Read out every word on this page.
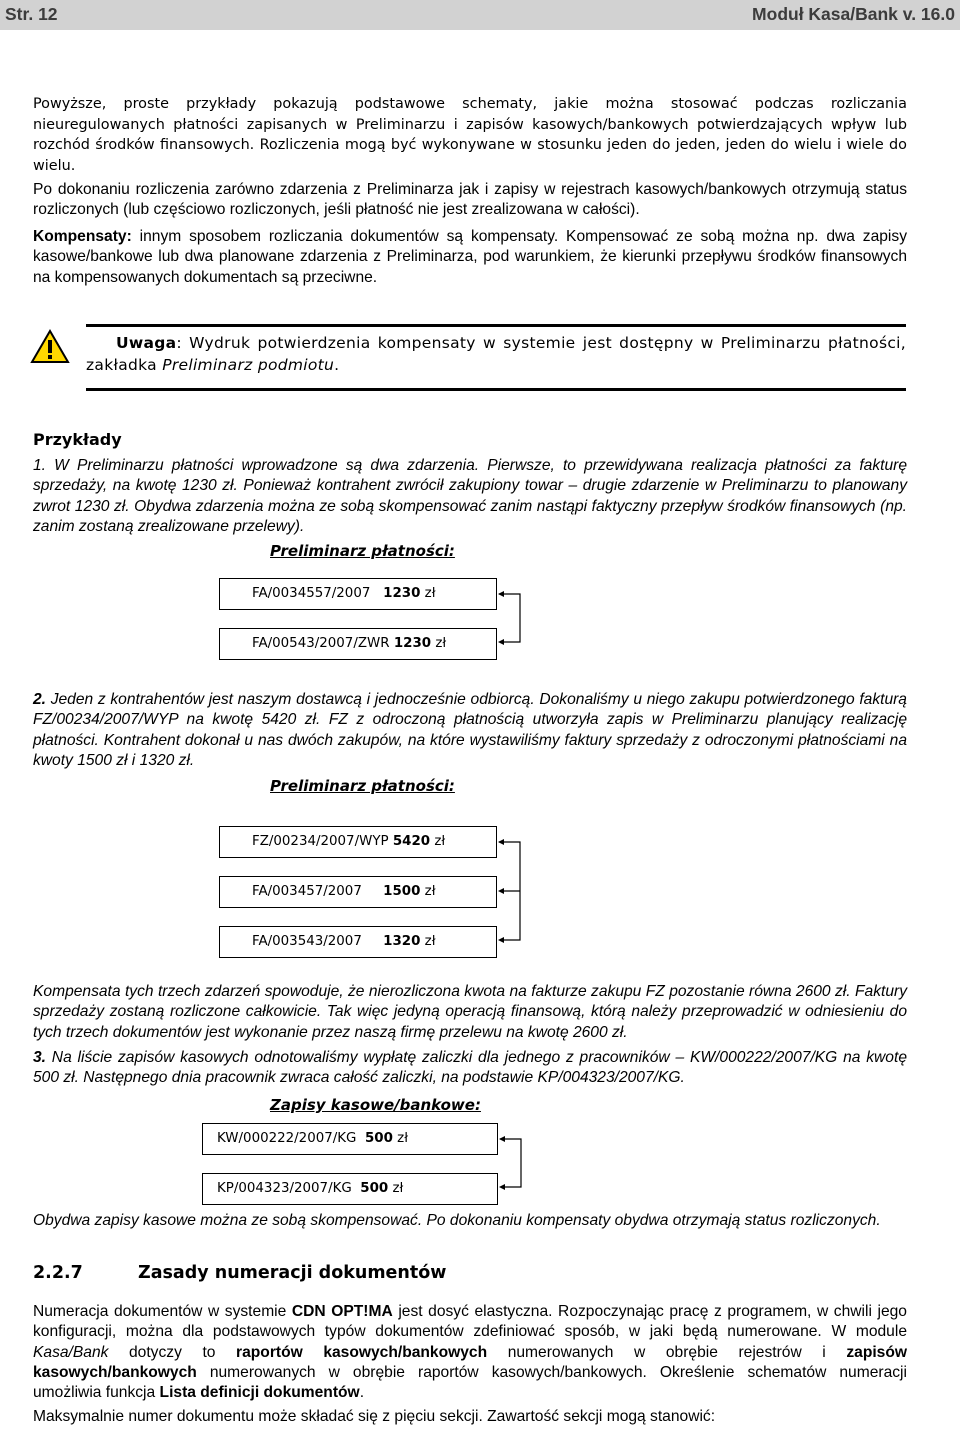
Str. 12	Moduł Kasa/Bank v. 16.0

Powyższe, proste przykłady pokazują podstawowe schematy, jakie można stosować podczas rozliczania nieuregulowanych płatności zapisanych w Preliminarzu i zapisów kasowych/bankowych potwierdzających wpływ lub rozchód środków finansowych. Rozliczenia mogą być wykonywane w stosunku jeden do jeden, jeden do wielu i wiele do wielu.

Po dokonaniu rozliczenia zarówno zdarzenia z Preliminarza jak i zapisy w rejestrach kasowych/bankowych otrzymują status rozliczonych (lub częściowo rozliczonych, jeśli płatność nie jest zrealizowana w całości).

Kompensaty: innym sposobem rozliczania dokumentów są kompensaty. Kompensować ze sobą można np. dwa zapisy kasowe/bankowe lub dwa planowane zdarzenia z Preliminarza, pod warunkiem, że kierunki przepływu środków finansowych na kompensowanych dokumentach są przeciwne.

Uwaga: Wydruk potwierdzenia kompensaty w systemie jest dostępny w Preliminarzu płatności, zakładka Preliminarz podmiotu.

Przykłady

1. W Preliminarzu płatności wprowadzone są dwa zdarzenia. Pierwsze, to przewidywana realizacja płatności za fakturę sprzedaży, na kwotę 1230 zł. Ponieważ kontrahent zwrócił zakupiony towar – drugie zdarzenie w Preliminarzu to planowany zwrot 1230 zł. Obydwa zdarzenia można ze sobą skompensować zanim nastąpi faktyczny przepływ środków finansowych (np. zanim zostaną zrealizowane przelewy).

Preliminarz płatności:
FA/0034557/2007   1230 zł
FA/00543/2007/ZWR 1230 zł

2. Jeden z kontrahentów jest naszym dostawcą i jednocześnie odbiorcą. Dokonaliśmy u niego zakupu potwierdzonego fakturą FZ/00234/2007/WYP na kwotę 5420 zł. FZ z odroczoną płatnością utworzyła zapis w Preliminarzu planujący realizację płatności. Kontrahent dokonał u nas dwóch zakupów, na które wystawiliśmy faktury sprzedaży z odroczonymi płatnościami na kwoty 1500 zł i 1320 zł.

Preliminarz płatności:
FZ/00234/2007/WYP 5420 zł
FA/003457/2007     1500 zł
FA/003543/2007     1320 zł

Kompensata tych trzech zdarzeń spowoduje, że nierozliczona kwota na fakturze zakupu FZ pozostanie równa 2600 zł. Faktury sprzedaży zostaną rozliczone całkowicie. Tak więc jedyną operacją finansową, którą należy przeprowadzić w odniesieniu do tych trzech dokumentów jest wykonanie przez naszą firmę przelewu na kwotę 2600 zł.

3. Na liście zapisów kasowych odnotowaliśmy wypłatę zaliczki dla jednego z pracowników – KW/000222/2007/KG na kwotę 500 zł. Następnego dnia pracownik zwraca całość zaliczki, na podstawie KP/004323/2007/KG.

Zapisy kasowe/bankowe:
KW/000222/2007/KG  500 zł
KP/004323/2007/KG  500 zł

Obydwa zapisy kasowe można ze sobą skompensować. Po dokonaniu kompensaty obydwa otrzymają status rozliczonych.

2.2.7	Zasady numeracji dokumentów

Numeracja dokumentów w systemie CDN OPT!MA jest dosyć elastyczna. Rozpoczynając pracę z programem, w chwili jego konfiguracji, można dla podstawowych typów dokumentów zdefiniować sposób, w jaki będą numerowane. W module Kasa/Bank dotyczy to raportów kasowych/bankowych numerowanych w obrębie rejestrów i zapisów kasowych/bankowych numerowanych w obrębie raportów kasowych/bankowych. Określenie schematów numeracji umożliwia funkcja Lista definicji dokumentów.

Maksymalnie numer dokumentu może składać się z pięciu sekcji. Zawartość sekcji mogą stanowić:
